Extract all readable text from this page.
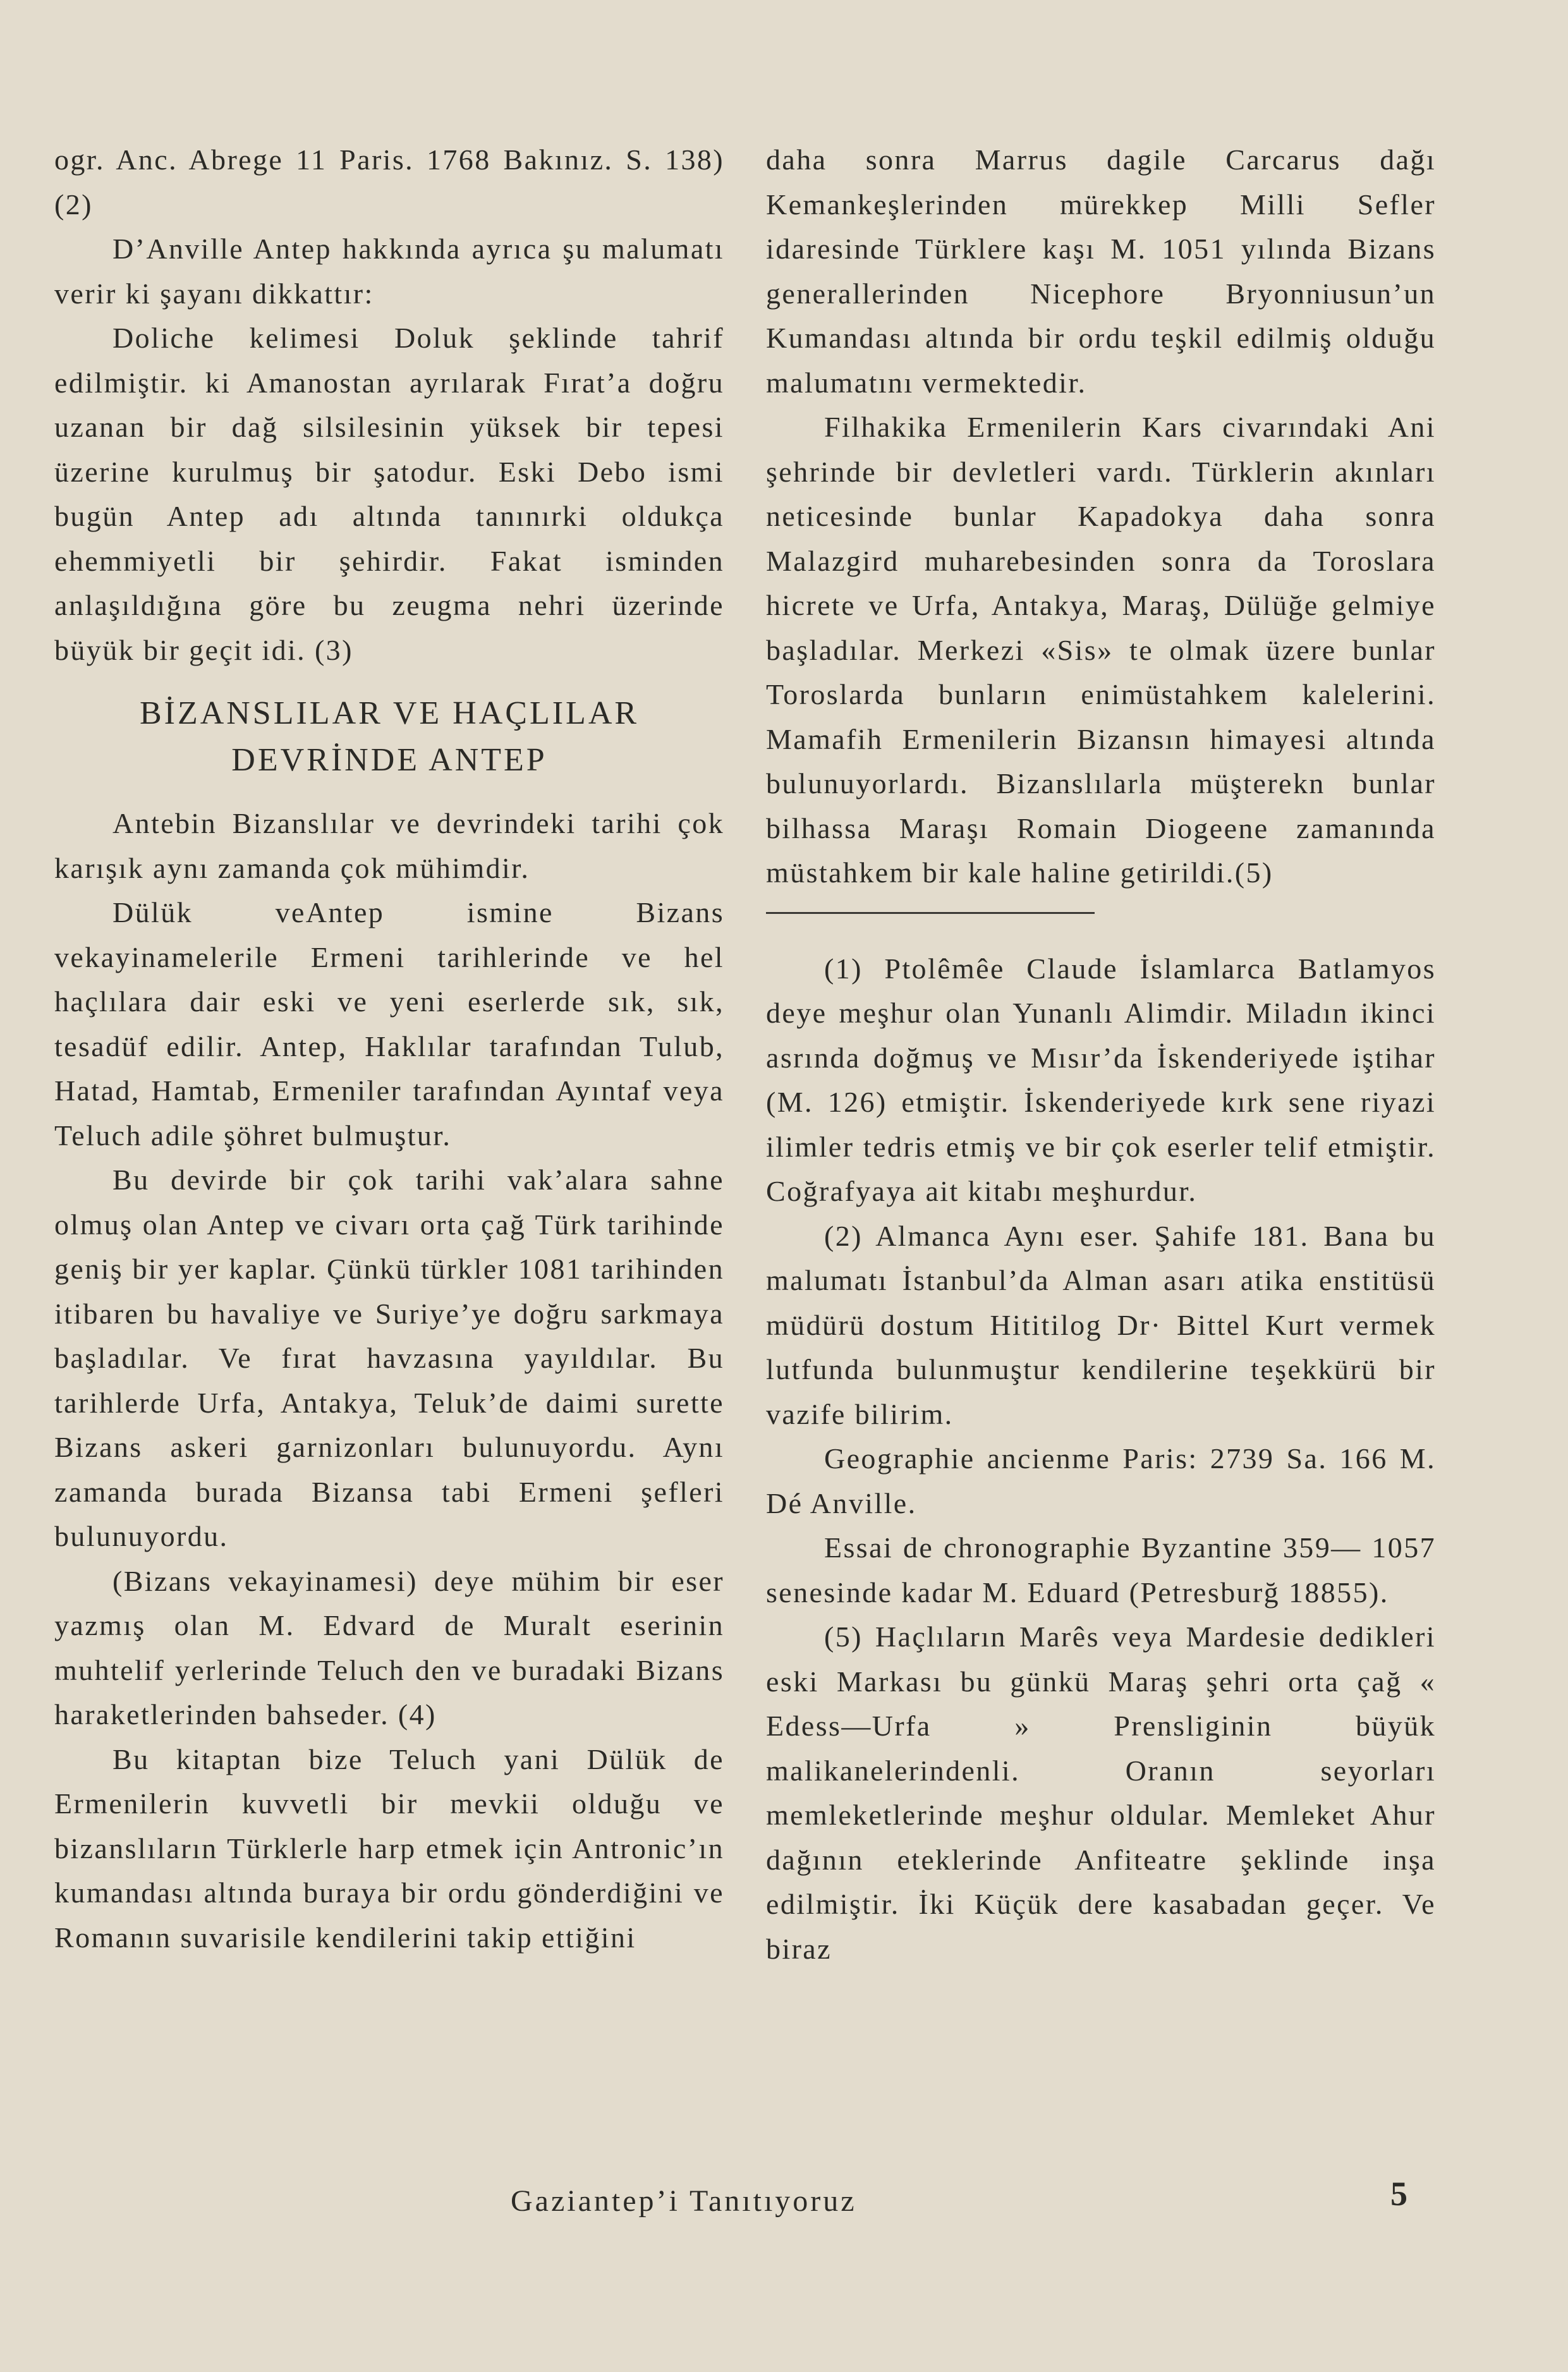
ogr. Anc. Abrege 11 Paris. 1768 Bakınız. S. 138) (2)

D’Anville Antep hakkında ayrıca şu malumatı verir ki şayanı dikkattır:

Doliche kelimesi Doluk şeklinde tahrif edilmiştir. ki Amanostan ayrılarak Fırat’a doğru uzanan bir dağ silsilesinin yüksek bir tepesi üzerine kurulmuş bir şatodur. Eski Debo ismi bugün Antep adı altında tanınırki oldukça ehemmiyetli bir şehirdir. Fakat isminden anlaşıldığına göre bu zeugma nehri üzerinde büyük bir geçit idi. (3)

BİZANSLILAR VE HAÇLILAR
DEVRİNDE ANTEP

Antebin Bizanslılar ve devrindeki tarihi çok karışık aynı zamanda çok mühimdir.

Dülük veAntep ismine Bizans vekayinamelerile Ermeni tarihlerinde ve hel haçlılara dair eski ve yeni eserlerde sık, sık, tesadüf edilir. Antep, Haklılar tarafından Tulub, Hatad, Hamtab, Ermeniler tarafından Ayıntaf veya Teluch adile şöhret bulmuştur.

Bu devirde bir çok tarihi vak’alara sahne olmuş olan Antep ve civarı orta çağ Türk tarihinde geniş bir yer kaplar. Çünkü türkler 1081 tarihinden itibaren bu havaliye ve Suriye’ye doğru sarkmaya başladılar. Ve fırat havzasına yayıldılar. Bu tarihlerde Urfa, Antakya, Teluk’de daimi surette Bizans askeri garnizonları bulunuyordu. Aynı zamanda burada Bizansa tabi Ermeni şefleri bulunuyordu.

(Bizans vekayinamesi) deye mühim bir eser yazmış olan M. Edvard de Muralt eserinin muhtelif yerlerinde Teluch den ve buradaki Bizans haraketlerinden bahseder. (4)

Bu kitaptan bize Teluch yani Dülük de Ermenilerin kuvvetli bir mevkii olduğu ve bizanslıların Türklerle harp etmek için Antronic’ın kumandası altında buraya bir ordu gönderdiğini ve Romanın suvarisile kendilerini takip ettiğini

daha sonra Marrus dagile Carcarus dağı Kemankeşlerinden mürekkep Milli Sefler idaresinde Türklere kaşı M. 1051 yılında Bizans generallerinden Nicephore Bryonniusun’un Kumandası altında bir ordu teşkil edilmiş olduğu malumatını vermektedir.

Filhakika Ermenilerin Kars civarındaki Ani şehrinde bir devletleri vardı. Türklerin akınları neticesinde bunlar Kapadokya daha sonra Malazgird muharebesinden sonra da Toroslara hicrete ve Urfa, Antakya, Maraş, Dülüğe gelmiye başladılar. Merkezi «Sis» te olmak üzere bunlar Toroslarda bunların enimüstahkem kalelerini. Mamafih Ermenilerin Bizansın himayesi altında bulunuyorlardı. Bizanslılarla müşterekn bunlar bilhassa Maraşı Romain Diogeene zamanında müstahkem bir kale haline getirildi.(5)

(1) Ptolêmêe Claude İslamlarca Batlamyos deye meşhur olan Yunanlı Alimdir. Miladın ikinci asrında doğmuş ve Mısır’da İskenderiyede iştihar (M. 126) etmiştir. İskenderiyede kırk sene riyazi ilimler tedris etmiş ve bir çok eserler telif etmiştir. Coğrafyaya ait kitabı meşhurdur.

(2) Almanca Aynı eser. Şahife 181. Bana bu malumatı İstanbul’da Alman asarı atika enstitüsü müdürü dostum Hititilog Dr· Bittel Kurt vermek lutfunda bulunmuştur kendilerine teşekkürü bir vazife bilirim.

Geographie ancienme Paris: 2739 Sa. 166 M. Dé Anville.

Essai de chronographie Byzantine 359— 1057 senesinde kadar M. Eduard (Petresburğ 18855).

(5) Haçlıların Marês veya Mardesie dedikleri eski Markası bu günkü Maraş şehri orta çağ « Edess—Urfa » Prensliginin büyük malikanelerindenli. Oranın seyorları memleketlerinde meşhur oldular. Memleket Ahur dağının eteklerinde Anfiteatre şeklinde inşa edilmiştir. İki Küçük dere kasabadan geçer. Ve biraz

Gaziantep’i Tanıtıyoruz	5
